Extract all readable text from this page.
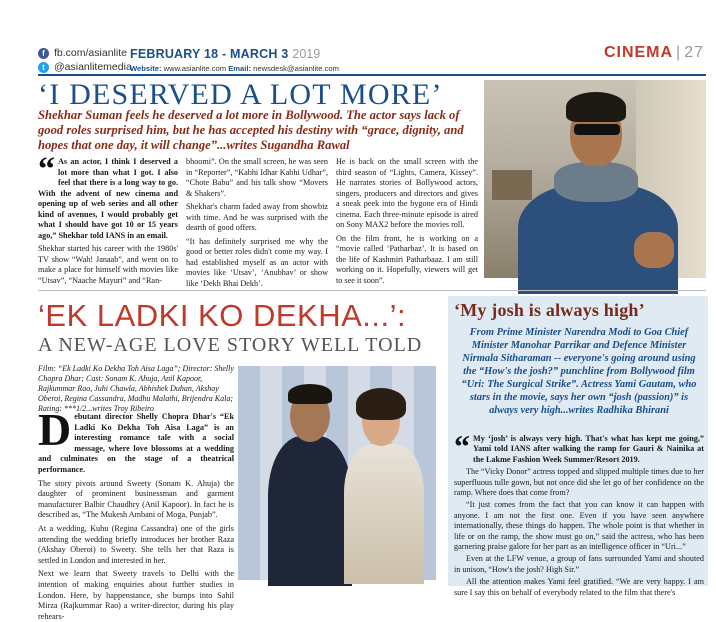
f fb.com/asianlite
t @asianlitemedia
FEBRUARY 18 - MARCH 3 2019
Website: www.asianlite.com Email: newsdesk@asianlite.com
CINEMA | 27
‘I DESERVED A LOT MORE’
Shekhar Suman feels he deserved a lot more in Bollywood. The actor says lack of good roles surprised him, but he has accepted his destiny with “grace, dignity, and hopes that one day, it will change”...writes Sugandha Rawal

“ As an actor, I think I deserved a lot more than what I got. I also feel that there is a long way to go. With the advent of new cinema and opening up of web series and all other kind of avenues, I would probably get what I should have got 10 or 15 years ago,” Shekhar told IANS in an email.

Shekhar started his career with the 1980s' TV show “Wah! Janaab”, and went on to make a place for himself with movies like “Utsav”, “Naache Mayuri” and “Ran-

bhoomi”. On the small screen, he was seen in “Reporter”, “Kabhi Idhar Kabhi Udhar”, “Chote Babu” and his talk show “Movers & Shakers”.

Shekhar's charm faded away from showbiz with time. And he was surprised with the dearth of good offers.

“It has definitely surprised me why the good or better roles didn't come my way. I had established myself as an actor with movies like ‘Utsav’, ‘Anubhav’ or show like ‘Dekh Bhai Dekh’.

He is back on the small screen with the third season of “Lights, Camera, Kissey”. He narrates stories of Bollywood actors, singers, producers and directors and gives a sneak peek into the bygone era of Hindi cinema. Each three-minute episode is aired on Sony MAX2 before the movies roll.

On the film front, he is working on a “movie called ‘Patharbaz’. It is based on the life of Kashmiri Patharbaaz. I am still working on it. Hopefully, viewers will get to see it soon”.

‘EK LADKI KO DEKHA...’:
A NEW-AGE LOVE STORY WELL TOLD
Film: “Ek Ladki Ko Dekha Toh Aisa Laga”; Director: Shelly Chopra Dhar; Cast: Sonam K. Ahuja, Anil Kapoor, Rajkummar Rao, Juhi Chawla, Abhishek Duhan, Akshay Oberoi, Regina Cassandra, Madhu Malathi, Brijendra Kala; Rating: ***1/2...writes Troy Ribeiro

Debutant director Shelly Chopra Dhar's “Ek Ladki Ko Dekha Toh Aisa Laga” is an interesting romance tale with a social message, where love blossoms at a wedding and culminates on the stage of a theatrical performance.

The story pivots around Sweety (Sonam K. Ahuja) the daughter of prominent businessman and garment manufacturer Balbir Chaudhry (Anil Kapoor). In fact he is described as, “The Mukesh Ambani of Moga, Punjab”.

At a wedding, Kuhu (Regina Cassandra) one of the girls attending the wedding briefly introduces her brother Raza (Akshay Oberoi) to Sweety. She tells her that Raza is settled in London and interested in her.

Next we learn that Sweety travels to Delhi with the intention of making enquiries about further studies in London. Here, by happenstance, she bumps into Sahil Mirza (Rajkummar Rao) a writer-director, during his play rehears-

‘My josh is always high’
From Prime Minister Narendra Modi to Goa Chief Minister Manohar Parrikar and Defence Minister Nirmala Sitharaman -- everyone's going around using the “How's the josh?” punchline from Bollywood film “Uri: The Surgical Strike”. Actress Yami Gautam, who stars in the movie, says her own “josh (passion)” is always very high...writes Radhika Bhirani

“ My ‘josh’ is always very high. That's what has kept me going,” Yami told IANS after walking the ramp for Gauri & Nainika at the Lakme Fashion Week Summer/Resort 2019.

The “Vicky Donor” actress topped and slipped multiple times due to her superfluous tulle gown, but not once did she let go of her confidence on the ramp. Where does that come from?

“It just comes from the fact that you can know it can happen with anyone. I am not the first one. Even if you have seen anywhere internationally, these things do happen. The whole point is that whether in life or on the ramp, the show must go on,” said the actress, who has been garnering praise galore for her part as an intelligence officer in “Uri...”

Even at the LFW venue, a group of fans surrounded Yami and shouted in unison, “How's the josh? High Sir.”

All the attention makes Yami feel gratified. “We are very happy. I am sure I say this on behalf of everybody related to the film that there's
